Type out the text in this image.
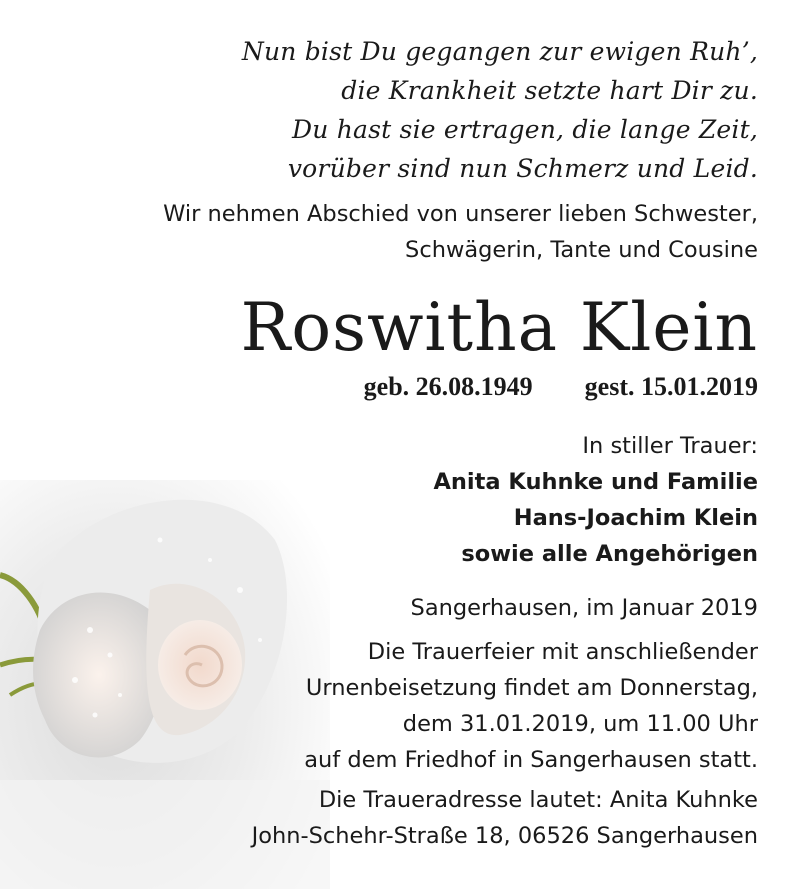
Nun bist Du gegangen zur ewigen Ruh’,
die Krankheit setzte hart Dir zu.
Du hast sie ertragen, die lange Zeit,
vorüber sind nun Schmerz und Leid.
Wir nehmen Abschied von unserer lieben Schwester,
Schwägerin, Tante und Cousine
Roswitha Klein
geb. 26.08.1949 gest. 15.01.2019
In stiller Trauer:
Anita Kuhnke und Familie
Hans-Joachim Klein
sowie alle Angehörigen
Sangerhausen, im Januar 2019
Die Trauerfeier mit anschließender
Urnenbeisetzung findet am Donnerstag,
dem 31.01.2019, um 11.00 Uhr
auf dem Friedhof in Sangerhausen statt.
Die Traueradresse lautet: Anita Kuhnke
John-Schehr-Straße 18, 06526 Sangerhausen
